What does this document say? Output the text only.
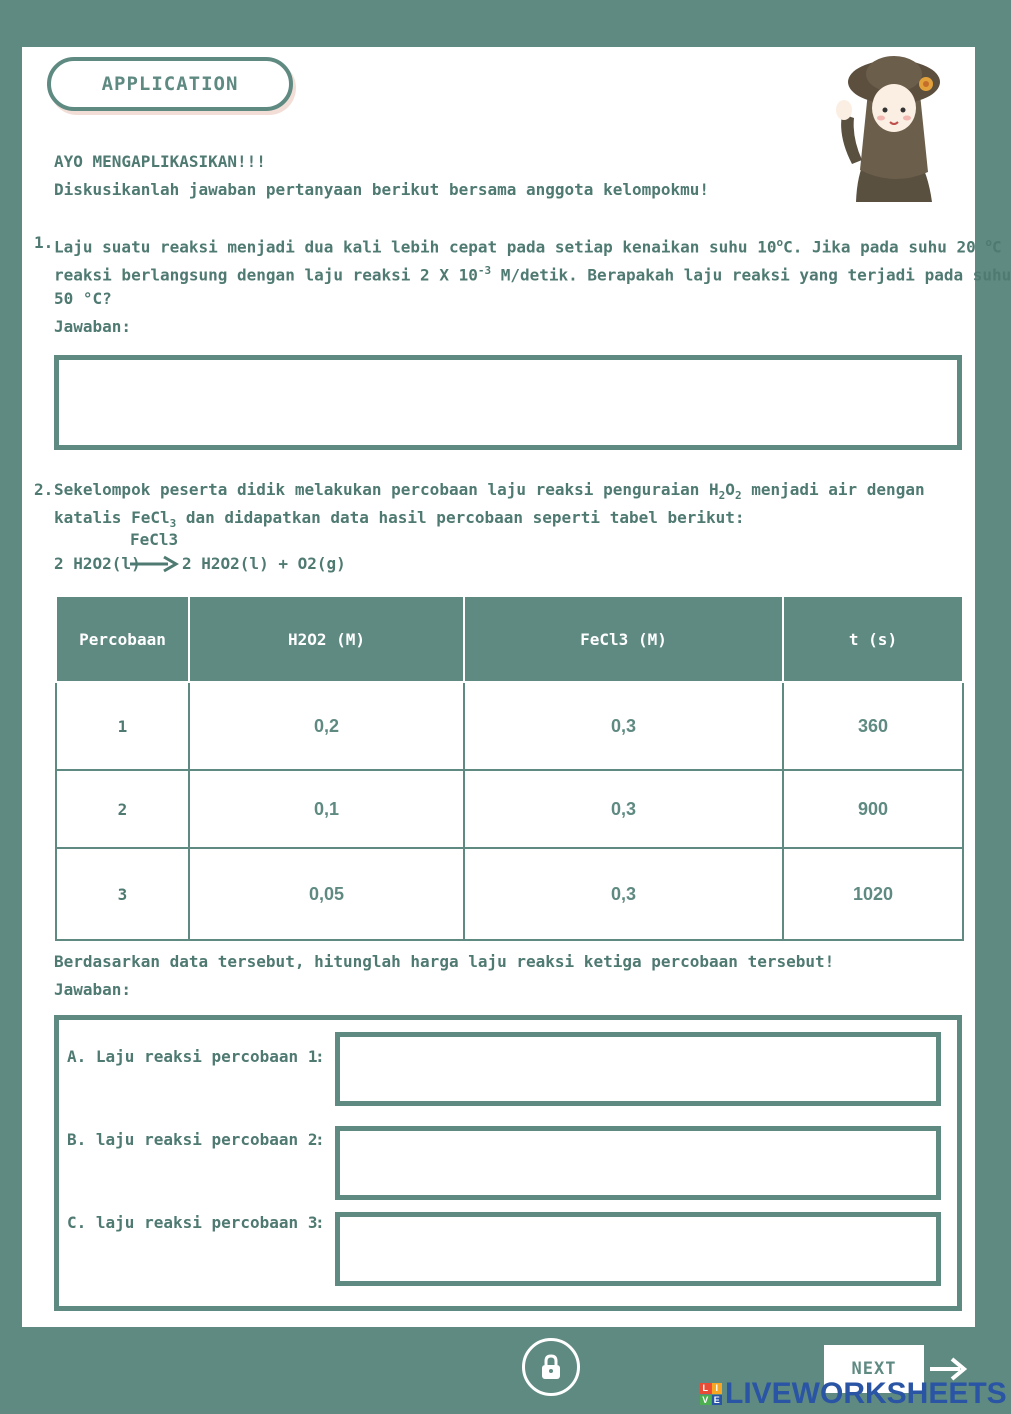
APPLICATION

AYO MENGAPLIKASIKAN!!!

Diskusikanlah jawaban pertanyaan berikut bersama anggota kelompokmu!

1. Laju suatu reaksi menjadi dua kali lebih cepat pada setiap kenaikan suhu 10$^o$C. Jika pada suhu 20 $^o$C

reaksi berlangsung dengan laju reaksi 2 X $10^{-3}$ M/detik. Berapakah laju reaksi yang terjadi pada suhu

50 °C?

Jawaban:

2. Sekelompok peserta didik melakukan percobaan laju reaksi penguraian $H_2O_2$ menjadi air dengan

katalis FeCl$_3$ dan didapatkan data hasil percobaan seperti tabel berikut:

FeCl3

2 H2O2(l) → 2 H2O2(l) + O2(g)

Percobaan	H2O2 (M)	FeCl3 (M)	t (s)
1	0,2	0,3	360
2	0,1	0,3	900
3	0,05	0,3	1020

Berdasarkan data tersebut, hitunglah harga laju reaksi ketiga percobaan tersebut!

Jawaban:

A. Laju reaksi percobaan 1
:
B. laju reaksi percobaan 2
:
C. laju reaksi percobaan 3
:
NEXT
L I
V E LIVEWORKSHEETS
